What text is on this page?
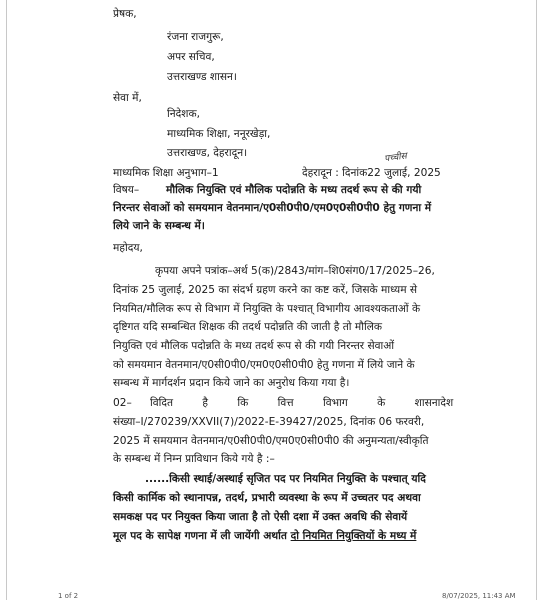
प्रेषक,
रंजना राजगुरू,
अपर सचिव,
उत्तराखण्ड शासन।
सेवा में,
निदेशक,
माध्यमिक शिक्षा, ननूरखेड़ा,
उत्तराखण्ड, देहरादून।
माध्यमिक शिक्षा अनुभाग–1	देहरादून : दिनांक22 जुलाई, 2025
पच्चीस
विषय–	मौलिक नियुक्ति एवं मौलिक पदोन्नति के मध्य तदर्थ रूप से की गयी
निरन्तर सेवाओं को समयमान वेतनमान/ए0सी0पी0/एम0ए0सी0पी0 हेतु गणना में
लिये जाने के सम्बन्ध में।
महोदय,
कृपया अपने पत्रांक–अर्थ 5(क)/2843/मांग–शि0संग0/17/2025–26,
दिनांक 25 जुलाई, 2025 का संदर्भ ग्रहण करने का कष्ट करें, जिसके माध्यम से
नियमित/मौलिक रूप से विभाग में नियुक्ति के पश्चात् विभागीय आवश्यकताओं के
दृष्टिगत यदि सम्बन्धित शिक्षक की तदर्थ पदोन्नति की जाती है तो मौलिक
नियुक्ति एवं मौलिक पदोन्नति के मध्य तदर्थ रूप से की गयी निरन्तर सेवाओं
को समयमान वेतनमान/ए0सी0पी0/एम0ए0सी0पी0 हेतु गणना में लिये जाने के
सम्बन्ध में मार्गदर्शन प्रदान किये जाने का अनुरोध किया गया है।
02– विदित है कि वित्त विभाग के शासनादेश
संख्या–I/270239/XXVII(7)/2022-E-39427/2025, दिनांक 06 फरवरी,
2025 में समयमान वेतनमान/ए0सी0पी0/एम0ए0सी0पी0 की अनुमन्यता/स्वीकृति
के सम्बन्ध में निम्न प्राविधान किये गये है :–
......किसी स्थाई/अस्थाई सृजित पद पर नियमित नियुक्ति के पश्चात् यदि
किसी कार्मिक को स्थानापन्न, तदर्थ, प्रभारी व्यवस्था के रूप में उच्चतर पद अथवा
समकक्ष पद पर नियुक्त किया जाता है तो ऐसी दशा में उक्त अवधि की सेवायें
मूल पद के सापेक्ष गणना में ली जायेंगी अर्थात दो नियमित नियुक्तियों के मध्य में
1 of 2	8/07/2025, 11:43 AM
